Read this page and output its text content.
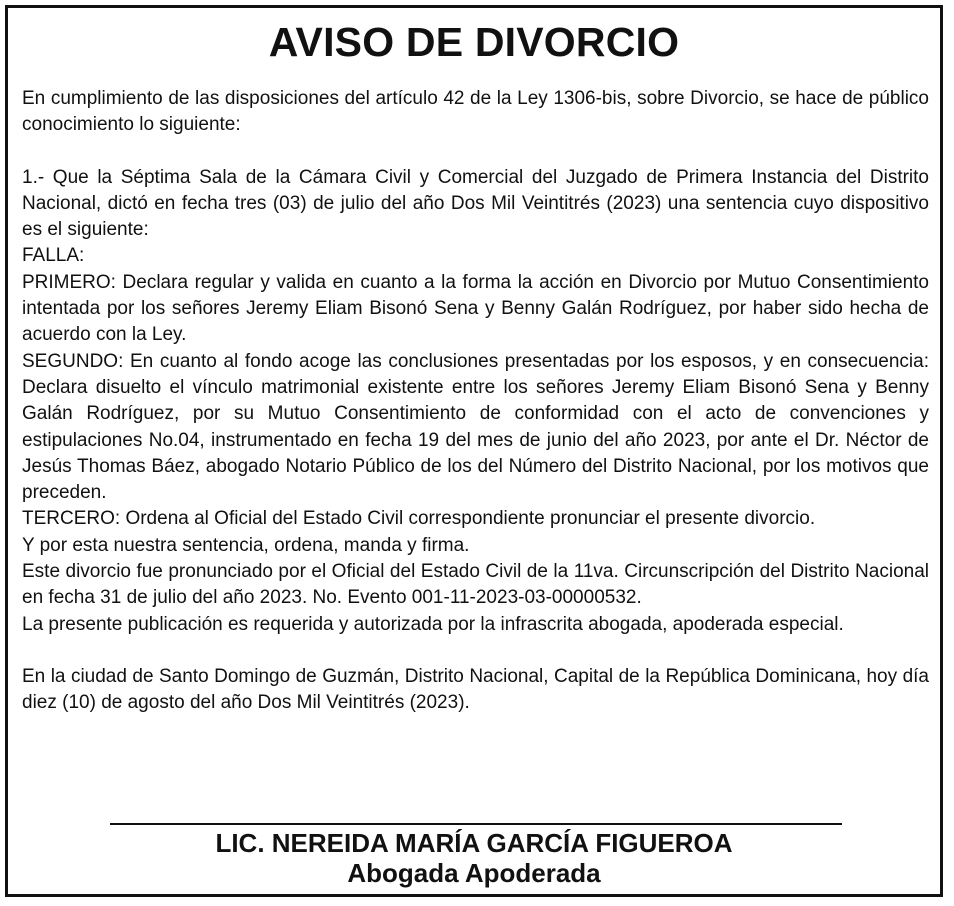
AVISO DE DIVORCIO

En cumplimiento de las disposiciones del artículo 42 de la Ley 1306-bis, sobre Divorcio, se hace de público conocimiento lo siguiente:

1.- Que la Séptima Sala de la Cámara Civil y Comercial del Juzgado de Primera Instancia del Distrito Nacional, dictó en fecha tres (03) de julio del año Dos Mil Veintitrés (2023) una sentencia cuyo dispositivo es el siguiente:

FALLA:

PRIMERO: Declara regular y valida en cuanto a la forma la acción en Divorcio por Mutuo Consentimiento intentada por los señores Jeremy Eliam Bisonó Sena y Benny Galán Rodríguez, por haber sido hecha de acuerdo con la Ley.

SEGUNDO: En cuanto al fondo acoge las conclusiones presentadas por los esposos, y en consecuencia: Declara disuelto el vínculo matrimonial existente entre los señores Jeremy Eliam Bisonó Sena y Benny Galán Rodríguez, por su Mutuo Consentimiento de conformidad con el acto de convenciones y estipulaciones No.04, instrumentado en fecha 19 del mes de junio del año 2023, por ante el Dr. Néctor de Jesús Thomas Báez, abogado Notario Público de los del Número del Distrito Nacional, por los motivos que preceden.

TERCERO: Ordena al Oficial del Estado Civil correspondiente pronunciar el presente divorcio.

Y por esta nuestra sentencia, ordena, manda y firma.

Este divorcio fue pronunciado por el Oficial del Estado Civil de la 11va. Circunscripción del Distrito Nacional en fecha 31 de julio del año 2023. No. Evento 001-11-2023-03-00000532.

La presente publicación es requerida y autorizada por la infrascrita abogada, apoderada especial.

En la ciudad de Santo Domingo de Guzmán, Distrito Nacional, Capital de la República Dominicana, hoy día diez (10) de agosto del año Dos Mil Veintitrés (2023).

LIC. NEREIDA MARÍA GARCÍA FIGUEROA
Abogada Apoderada
